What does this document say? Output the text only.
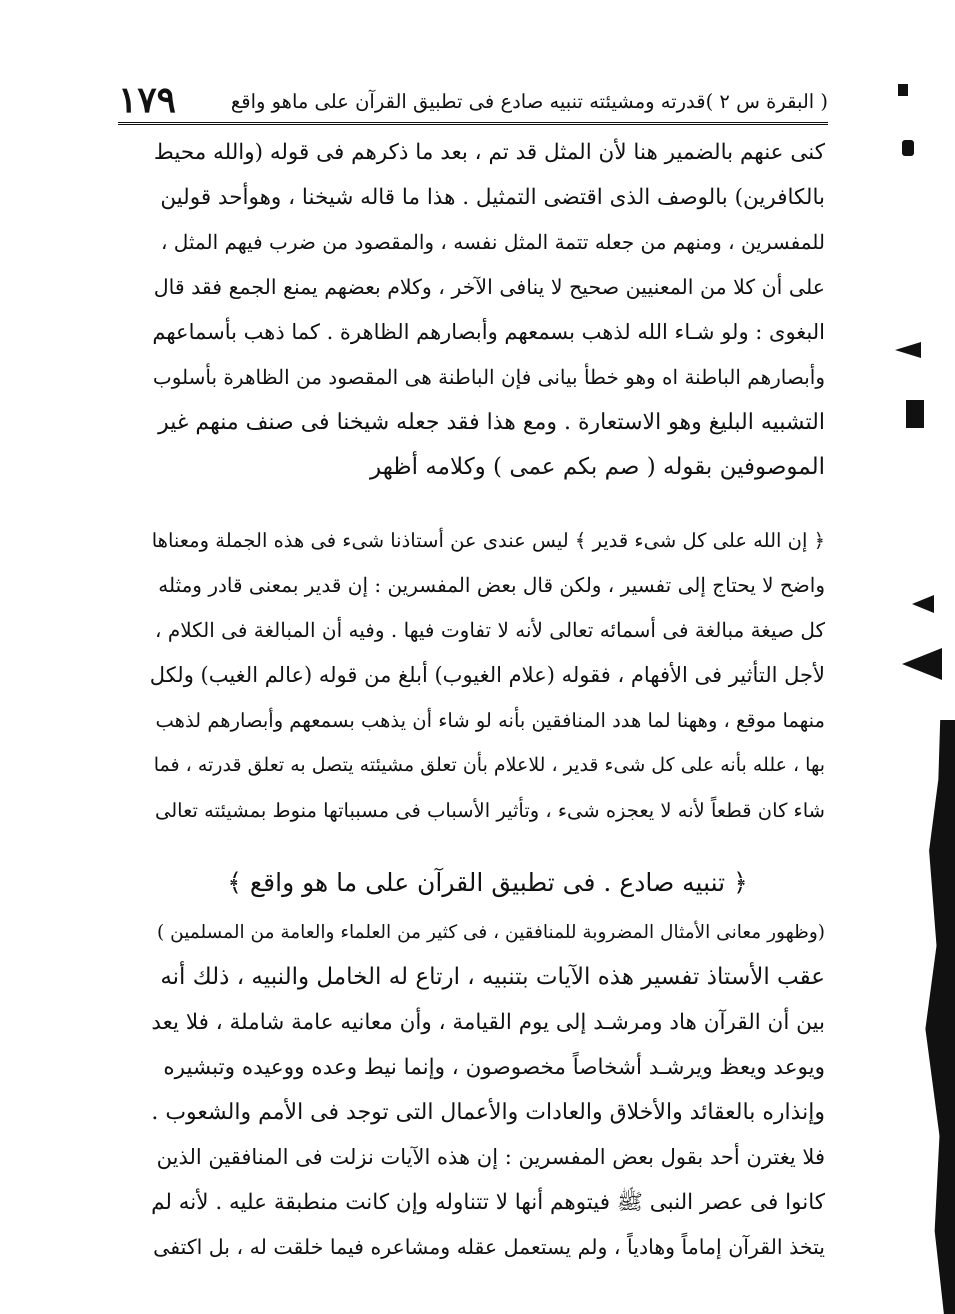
( البقرة س ٢ )قدرته ومشيئته تنبيه صادع فى تطبيق القرآن على ماهو واقع
١٧٩
كنى عنهم بالضمير هنا لأن المثل قد تم ، بعد ما ذكرهم فى قوله (والله محيط
بالكافرين) بالوصف الذى اقتضى التمثيل . هذا ما قاله شيخنا ، وهوأحد قولين
للمفسرين ، ومنهم من جعله تتمة المثل نفسه ، والمقصود من ضرب فيهم المثل ،
على أن كلا من المعنيين صحيح لا ينافى الآخر ، وكلام بعضهم يمنع الجمع فقد قال
البغوى : ولو شـاء الله لذهب بسمعهم وأبصارهم الظاهرة . كما ذهب بأسماعهم
وأبصارهم الباطنة اه وهو خطأ بيانى فإن الباطنة هى المقصود من الظاهرة بأسلوب
التشبيه البليغ وهو الاستعارة . ومع هذا فقد جعله شيخنا فى صنف منهم غير
الموصوفين بقوله ( صم بكم عمى ) وكلامه أظهر
﴿ إن الله على كل شىء قدير ﴾ ليس عندى عن أستاذنا شىء فى هذه الجملة ومعناها
واضح لا يحتاج إلى تفسير ، ولكن قال بعض المفسرين : إن قدير بمعنى قادر ومثله
كل صيغة مبالغة فى أسمائه تعالى لأنه لا تفاوت فيها . وفيه أن المبالغة فى الكلام ،
لأجل التأثير فى الأفهام ، فقوله (علام الغيوب) أبلغ من قوله (عالم الغيب) ولكل
منهما موقع ، وههنا لما هدد المنافقين بأنه لو شاء أن يذهب بسمعهم وأبصارهم لذهب
بها ، علله بأنه على كل شىء قدير ، للاعلام بأن تعلق مشيئته يتصل به تعلق قدرته ، فما
شاء كان قطعاً لأنه لا يعجزه شىء ، وتأثير الأسباب فى مسبباتها منوط بمشيئته تعالى
﴿ تنبيه صادع . فى تطبيق القرآن على ما هو واقع ﴾
(وظهور معانى الأمثال المضروبة للمنافقين ، فى كثير من العلماء والعامة من المسلمين )
عقب الأستاذ تفسير هذه الآيات بتنبيه ، ارتاع له الخامل والنبيه ، ذلك أنه
بين أن القرآن هاد ومرشـد إلى يوم القيامة ، وأن معانيه عامة شاملة ، فلا يعد
ويوعد ويعظ ويرشـد أشخاصاً مخصوصون ، وإنما نيط وعده ووعيده وتبشيره
وإنذاره بالعقائد والأخلاق والعادات والأعمال التى توجد فى الأمم والشعوب .
فلا يغترن أحد بقول بعض المفسرين : إن هذه الآيات نزلت فى المنافقين الذين
كانوا فى عصر النبى ﷺ فيتوهم أنها لا تتناوله وإن كانت منطبقة عليه . لأنه لم
يتخذ القرآن إماماً وهادياً ، ولم يستعمل عقله ومشاعره فيما خلقت له ، بل اكتفى
